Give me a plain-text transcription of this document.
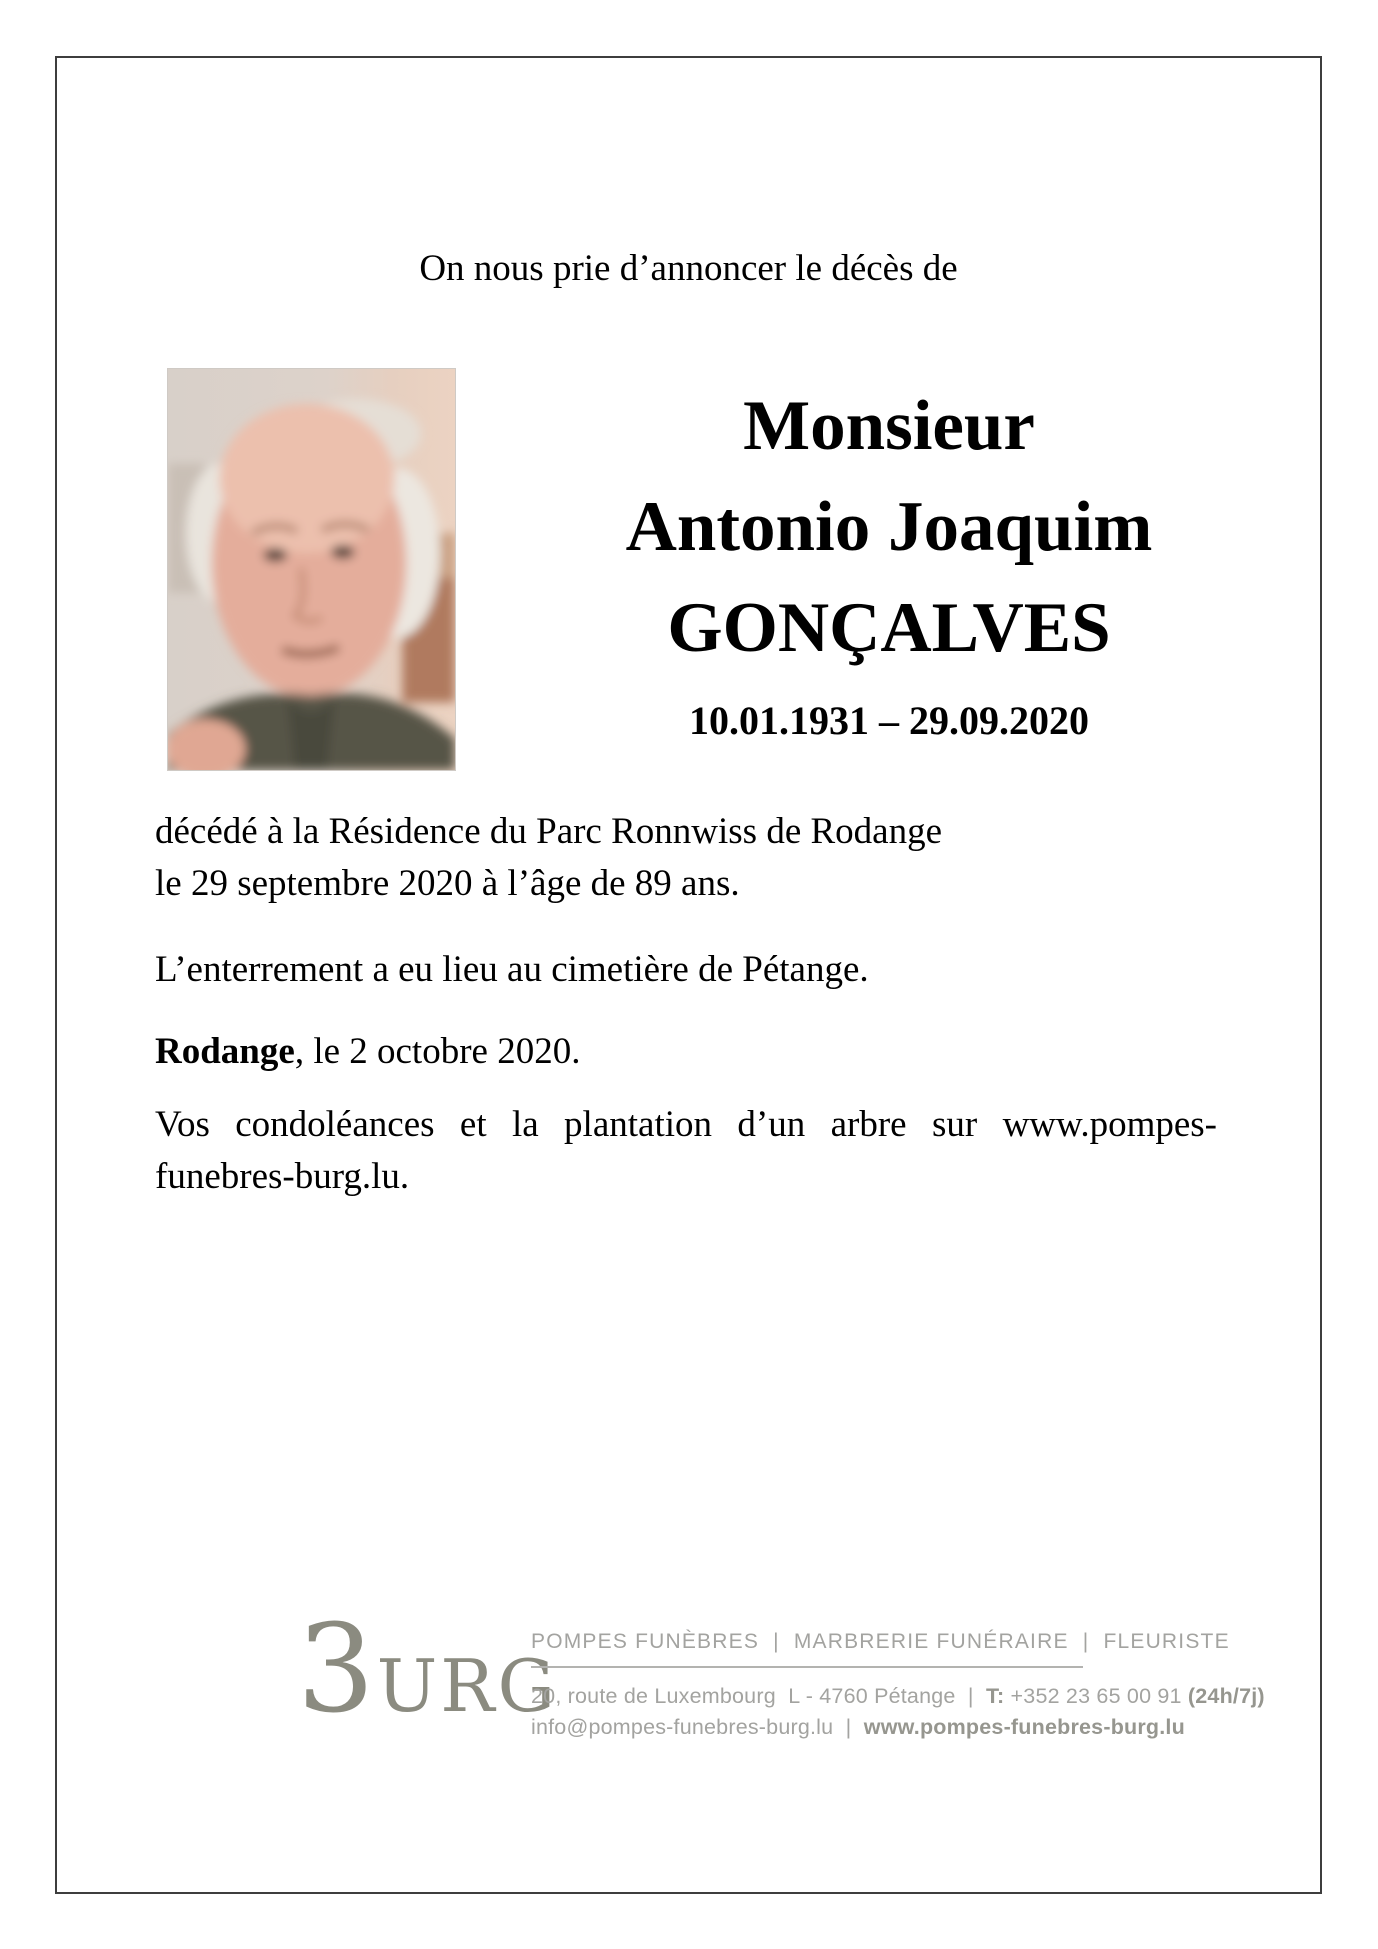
On nous prie d’annoncer le décès de
Monsieur
Antonio Joaquim
GONÇALVES
10.01.1931 – 29.09.2020
décédé à la Résidence du Parc Ronnwiss de Rodange
le 29 septembre 2020 à l’âge de 89 ans.
L’enterrement a eu lieu au cimetière de Pétange.
Rodange, le 2 octobre 2020.
Vos condoléances et la plantation d’un arbre sur www.pompes-
funebres-burg.lu.
3 URG
POMPES FUNÈBRES  |  MARBRERIE FUNÉRAIRE  |  FLEURISTE
20, route de Luxembourg  L - 4760 Pétange  |  T: +352 23 65 00 91 (24h/7j)
info@pompes-funebres-burg.lu  |  www.pompes-funebres-burg.lu
